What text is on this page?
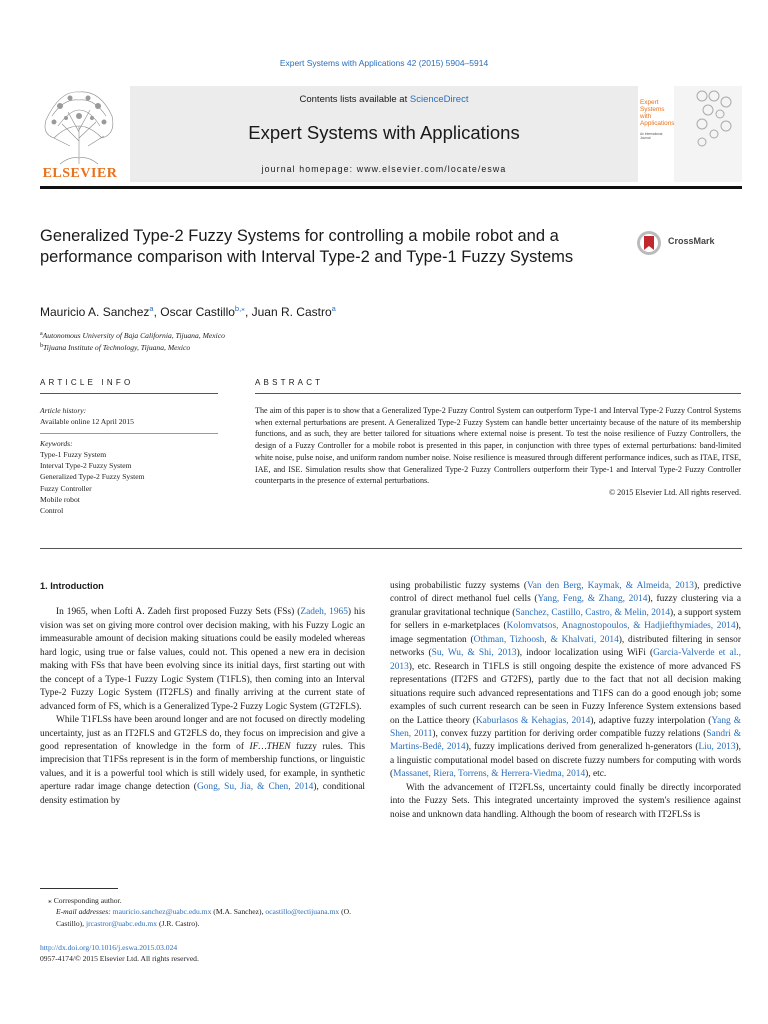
Expert Systems with Applications 42 (2015) 5904–5914
ELSEVIER
Contents lists available at ScienceDirect
Expert Systems with Applications
journal homepage: www.elsevier.com/locate/eswa
Expert
Systems
with
Applications
An International Journal
Generalized Type-2 Fuzzy Systems for controlling a mobile robot and a performance comparison with Interval Type-2 and Type-1 Fuzzy Systems
CrossMark
Mauricio A. Sanchez$^a$, Oscar Castillo$^{b,⁎}$, Juan R. Castro$^a$
$^a$Autonomous University of Baja California, Tijuana, Mexico
$^b$Tijuana Institute of Technology, Tijuana, Mexico
ARTICLE INFO	ABSTRACT
Article history:
Available online 12 April 2015
Keywords:
Type-1 Fuzzy System
Interval Type-2 Fuzzy System
Generalized Type-2 Fuzzy System
Fuzzy Controller
Mobile robot
Control
The aim of this paper is to show that a Generalized Type-2 Fuzzy Control System can outperform Type-1 and Interval Type-2 Fuzzy Control Systems when external perturbations are present. A Generalized Type-2 Fuzzy System can handle better uncertainty because of the nature of its membership functions, and as such, they are better tailored for situations where external noise is present. To test the noise resilience of Fuzzy Controllers, the design of a Fuzzy Controller for a mobile robot is presented in this paper, in conjunction with three types of external perturbations: band-limited white noise, pulse noise, and uniform random number noise. Noise resilience is measured through different performance indices, such as ITAE, ITSE, IAE, and ISE. Simulation results show that Generalized Type-2 Fuzzy Controllers outperform their Type-1 and Interval Type-2 Fuzzy Controller counterparts in the presence of external perturbations.
© 2015 Elsevier Ltd. All rights reserved.

1. Introduction

In 1965, when Lofti A. Zadeh first proposed Fuzzy Sets (FSs) (Zadeh, 1965) his vision was set on giving more control over decision making, with his Fuzzy Logic an immeasurable amount of decision making situations could be easily modeled whereas hard logic, using true or false values, could not. This opened a new era in decision making with FSs that have been evolving since its initial days, first starting out with the concept of a Type-1 Fuzzy Logic System (T1FLS), then coming into an Interval Type-2 Fuzzy Logic System (IT2FLS) and finally arriving at the current state of advanced form of FS, which is a Generalized Type-2 Fuzzy Logic System (GT2FLS).

While T1FLSs have been around longer and are not focused on directly modeling uncertainty, just as an IT2FLS and GT2FLS do, they focus on imprecision and give a good representation of knowledge in the form of IF…THEN fuzzy rules. This imprecision that T1FSs represent is in the form of membership functions, or linguistic values, and it is a powerful tool which is still widely used, for example, in synthetic aperture radar image change detection (Gong, Su, Jia, & Chen, 2014), conditional density estimation by

using probabilistic fuzzy systems (Van den Berg, Kaymak, & Almeida, 2013), predictive control of direct methanol fuel cells (Yang, Feng, & Zhang, 2014), fuzzy clustering via a granular gravitational technique (Sanchez, Castillo, Castro, & Melin, 2014), a support system for sellers in e-marketplaces (Kolomvatsos, Anagnostopoulos, & Hadjiefthymiades, 2014), image segmentation (Othman, Tizhoosh, & Khalvati, 2014), distributed filtering in sensor networks (Su, Wu, & Shi, 2013), indoor localization using WiFi (Garcia-Valverde et al., 2013), etc. Research in T1FLS is still ongoing despite the existence of more advanced FS representations (IT2FS and GT2FS), partly due to the fact that not all decision making situations require such advanced representations and T1FS can do a good enough job; some examples of such current research can be seen in Fuzzy Inference System extensions based on the Lattice theory (Kaburlasos & Kehagias, 2014), adaptive fuzzy interpolation (Yang & Shen, 2011), convex fuzzy partition for deriving order compatible fuzzy relations (Sandri & Martins-Bedê, 2014), fuzzy implications derived from generalized h-generators (Liu, 2013), a linguistic computational model based on discrete fuzzy numbers for computing with words (Massanet, Riera, Torrens, & Herrera-Viedma, 2014), etc.

With the advancement of IT2FLSs, uncertainty could finally be directly incorporated into the Fuzzy Sets. This integrated uncertainty improved the system's resilience against noise and unknown data handling. Although the boom of research with IT2FLSs is

⁎ Corresponding author.
E-mail addresses: mauricio.sanchez@uabc.edu.mx (M.A. Sanchez), ocastillo@tectijuana.mx (O. Castillo), jrcastror@uabc.edu.mx (J.R. Castro).
http://dx.doi.org/10.1016/j.eswa.2015.03.024
0957-4174/© 2015 Elsevier Ltd. All rights reserved.
